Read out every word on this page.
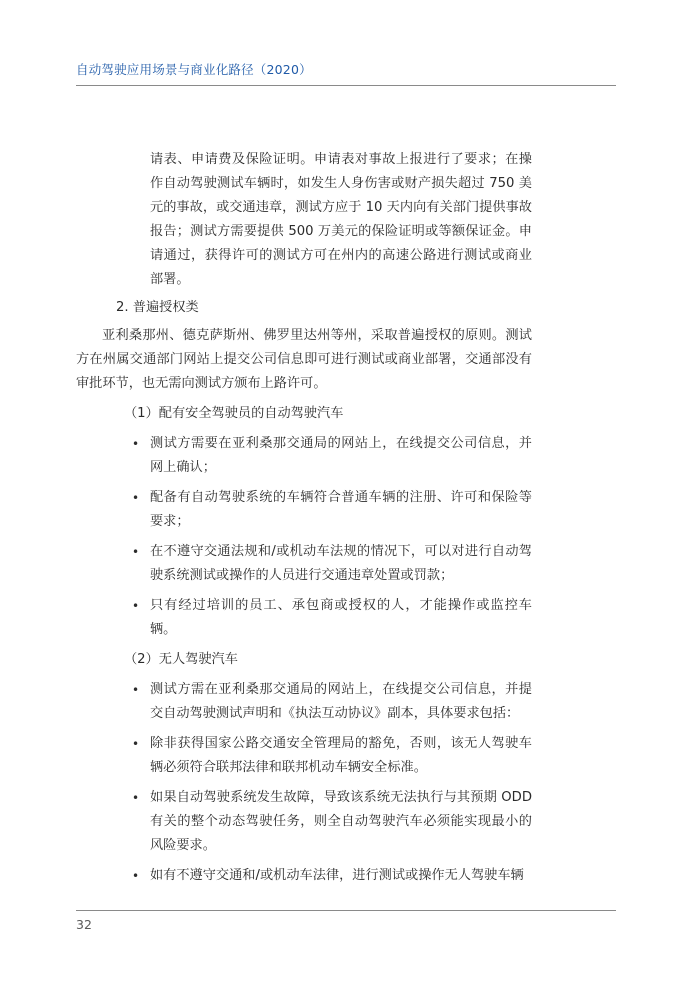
自动驾驶应用场景与商业化路径（2020）
请表、申请费及保险证明。申请表对事故上报进行了要求；在操作自动驾驶测试车辆时，如发生人身伤害或财产损失超过 750 美元的事故，或交通违章，测试方应于 10 天内向有关部门提供事故报告；测试方需要提供 500 万美元的保险证明或等额保证金。申请通过，获得许可的测试方可在州内的高速公路进行测试或商业部署。
2. 普遍授权类
亚利桑那州、德克萨斯州、佛罗里达州等州，采取普遍授权的原则。测试方在州属交通部门网站上提交公司信息即可进行测试或商业部署，交通部没有审批环节，也无需向测试方颁布上路许可。
（1）配有安全驾驶员的自动驾驶汽车
• 测试方需要在亚利桑那交通局的网站上，在线提交公司信息，并网上确认；
• 配备有自动驾驶系统的车辆符合普通车辆的注册、许可和保险等要求；
• 在不遵守交通法规和/或机动车法规的情况下，可以对进行自动驾驶系统测试或操作的人员进行交通违章处置或罚款；
• 只有经过培训的员工、承包商或授权的人，才能操作或监控车辆。
（2）无人驾驶汽车
• 测试方需在亚利桑那交通局的网站上，在线提交公司信息，并提交自动驾驶测试声明和《执法互动协议》副本，具体要求包括：
• 除非获得国家公路交通安全管理局的豁免，否则，该无人驾驶车辆必须符合联邦法律和联邦机动车辆安全标准。
• 如果自动驾驶系统发生故障，导致该系统无法执行与其预期 ODD 有关的整个动态驾驶任务，则全自动驾驶汽车必须能实现最小的风险要求。
• 如有不遵守交通和/或机动车法律，进行测试或操作无人驾驶车辆
32
